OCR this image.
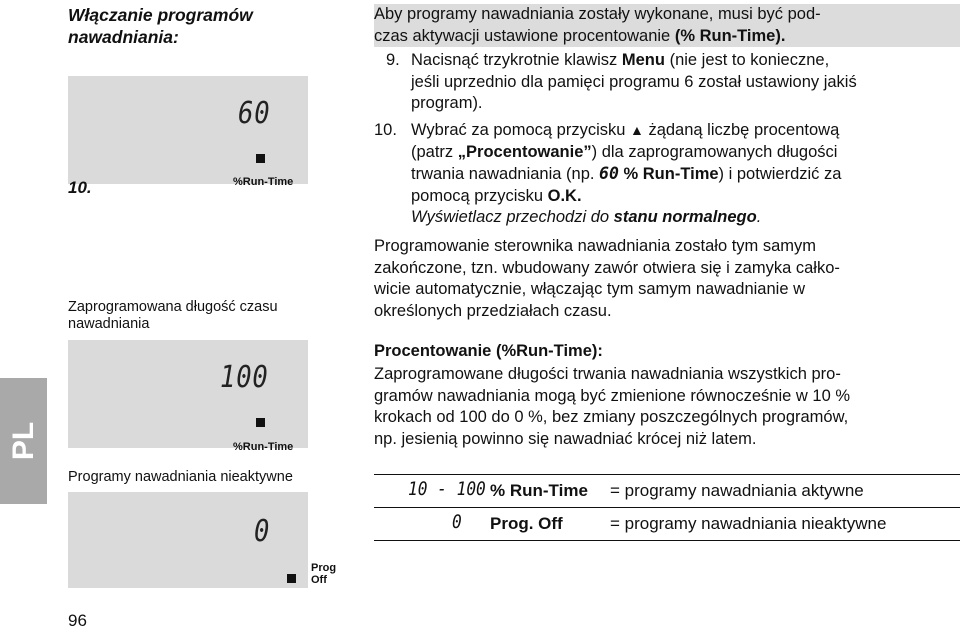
Włączanie programów nawadniania:
PL
60
10.	%Run-Time
Zaprogramowana długość czasu nawadniania
100
%Run-Time
Programy nawadniania nieaktywne
0
Prog
Off
Aby programy nawadniania zostały wykonane, musi być pod-
czas aktywacji ustawione procentowanie (% Run-Time).
9. Nacisnąć trzykrotnie klawisz Menu (nie jest to konieczne,
jeśli uprzednio dla pamięci programu 6 został ustawiony jakiś
program).
10. Wybrać za pomocą przycisku ▲ żądaną liczbę procentową
(patrz „Procentowanie”) dla zaprogramowanych długości
trwania nawadniania (np. 60 % Run-Time) i potwierdzić za
pomocą przycisku O.K.
Wyświetlacz przechodzi do stanu normalnego.
Programowanie sterownika nawadniania zostało tym samym
zakończone, tzn. wbudowany zawór otwiera się i zamyka całko-
wicie automatycznie, włączając tym samym nawadnianie w
określonych przedziałach czasu.
Procentowanie (%Run-Time):
Zaprogramowane długości trwania nawadniania wszystkich pro-
gramów nawadniania mogą być zmienione równocześnie w 10 %
krokach od 100 do 0 %, bez zmiany poszczególnych programów,
np. jesienią powinno się nawadniać krócej niż latem.
10 - 100 % Run-Time = programy nawadniania aktywne
0 Prog. Off	= programy nawadniania nieaktywne
96
